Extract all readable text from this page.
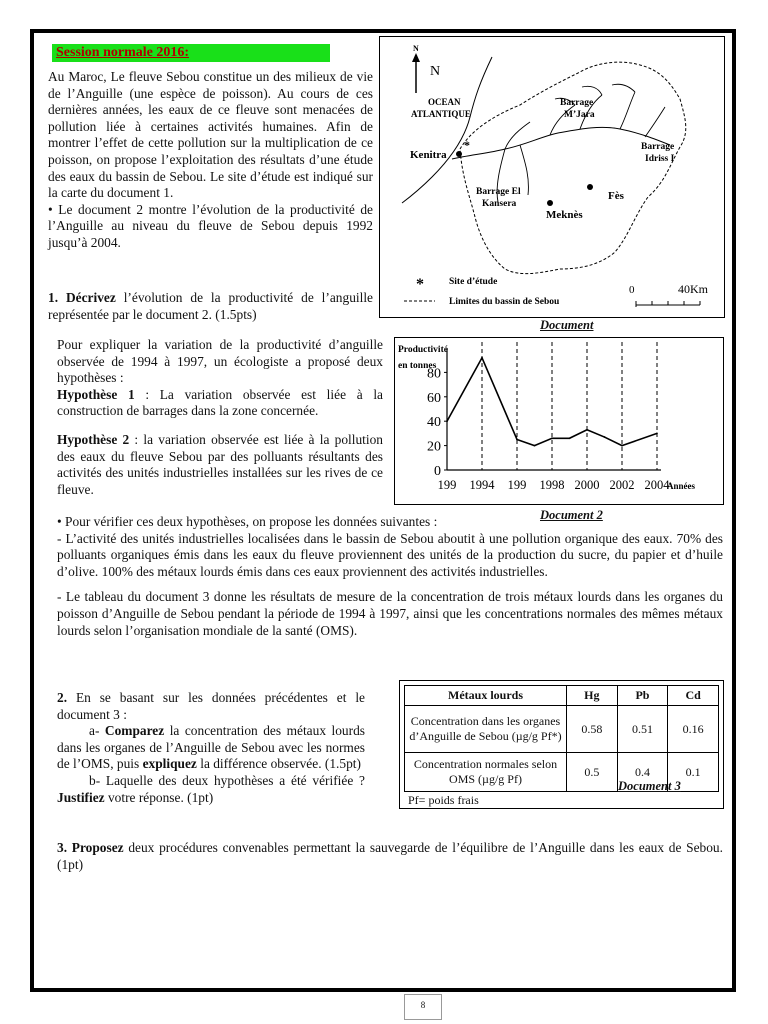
Session normale 2016:

Au Maroc, Le fleuve Sebou constitue un des milieux de vie de l’Anguille (une espèce de poisson). Au cours de ces dernières années, les eaux de ce fleuve sont menacées de pollution liée à certaines activités humaines. Afin de montrer l’effet de cette pollution sur la multiplication de ce poisson, on propose l’exploitation des résultats d’une étude des eaux du bassin de Sebou. Le site d’étude est indiqué sur la carte du document 1.

• Le document 2 montre l’évolution de la productivité de l’Anguille au niveau du fleuve de Sebou depuis 1992 jusqu’à 2004.

1. Décrivez l’évolution de la productivité de l’anguille représentée par le document 2. (1.5pts)

N
N
OCEAN
ATLANTIQUE
Barrage
M’Jara
Barrage
Idriss I
Kenitra
*
Barrage El
Kansera
Fès
Meknès
*	Site d’étude
Limites du bassin de Sebou
0	40Km
Document

Pour expliquer la variation de la productivité d’anguille observée de 1994 à 1997, un écologiste a proposé deux hypothèses :

Hypothèse 1 : La variation observée est liée à la construction de barrages dans la zone concernée.

Hypothèse 2 : la variation observée est liée à la pollution des eaux du fleuve Sebou par des polluants résultants des activités des unités industrielles installées sur les rives de ce fleuve.

Productivité
en tonnes
Années
0
20
40
60
80
199 1994 199 1998 2000 2002 2004
Document 2

• Pour vérifier ces deux hypothèses, on propose les données suivantes :

- L’activité des unités industrielles localisées dans le bassin de Sebou aboutit à une pollution organique des eaux. 70% des polluants organiques émis dans les eaux du fleuve proviennent des unités de la production du sucre, du papier et d’huile d’olive. 100% des métaux lourds émis dans ces eaux proviennent des activités industrielles.

- Le tableau du document 3 donne les résultats de mesure de la concentration de trois métaux lourds dans les organes du poisson d’Anguille de Sebou pendant la période de 1994 à 1997, ainsi que les concentrations normales des mêmes métaux lourds selon l’organisation mondiale de la santé (OMS).

2. En se basant sur les données précédentes et le document 3 :

a- Comparez la concentration des métaux lourds dans les organes de l’Anguille de Sebou avec les normes de l’OMS, puis expliquez la différence observée. (1.5pt)

b- Laquelle des deux hypothèses a été vérifiée ? Justifiez votre réponse. (1pt)

Métaux lourds	Hg	Pb	Cd
Concentration dans les organes d’Anguille de Sebou (µg/g Pf*)	0.58	0.51	0.16
Concentration normales selon OMS (µg/g Pf)	0.5	0.4	0.1
Document 3
Pf= poids frais

3. Proposez deux procédures convenables permettant la sauvegarde de l’équilibre de l’Anguille dans les eaux de Sebou. (1pt)

8
